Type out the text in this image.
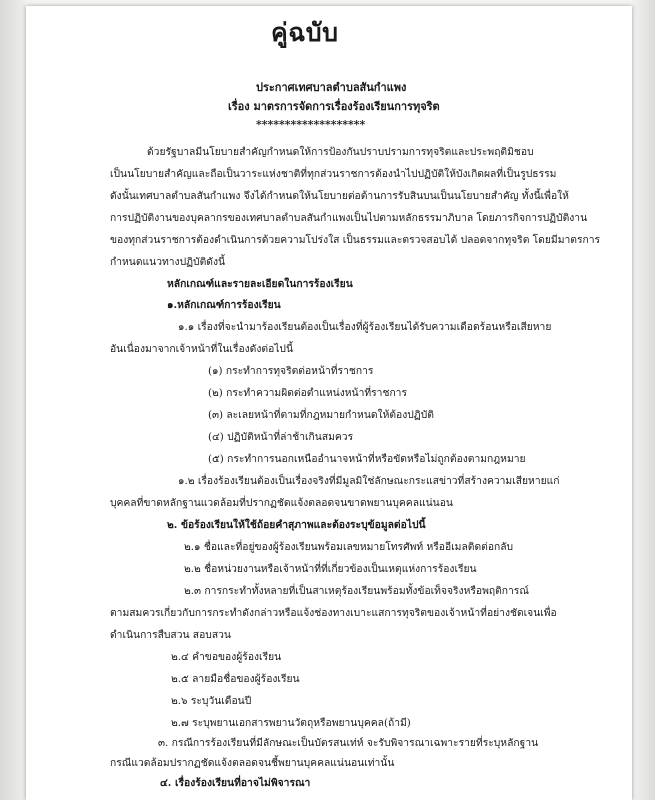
คู่ฉบับ
ประกาศเทศบาลตำบลสันกำแพง
เรื่อง มาตรการจัดการเรื่องร้องเรียนการทุจริต
*******************
ด้วยรัฐบาลมีนโยบายสำคัญกำหนดให้การป้องกันปราบปรามการทุจริตและประพฤติมิชอบ
เป็นนโยบายสำคัญและถือเป็นวาระแห่งชาติที่ทุกส่วนราชการต้องนำไปปฏิบัติให้บังเกิดผลที่เป็นรูปธรรม
ดังนั้นเทศบาลตำบลสันกำแพง จึงได้กำหนดให้นโยบายต่อต้านการรับสินบนเป็นนโยบายสำคัญ ทั้งนี้เพื่อให้
การปฏิบัติงานของบุคลากรของเทศบาลตำบลสันกำแพงเป็นไปตามหลักธรรมาภิบาล โดยภารกิจการปฏิบัติงาน
ของทุกส่วนราชการต้องดำเนินการด้วยความโปร่งใส เป็นธรรมและตรวจสอบได้ ปลอดจากทุจริต โดยมีมาตรการ
กำหนดแนวทางปฏิบัติดังนี้
หลักเกณฑ์และรายละเอียดในการร้องเรียน
๑.หลักเกณฑ์การร้องเรียน
๑.๑ เรื่องที่จะนำมาร้องเรียนต้องเป็นเรื่องที่ผู้ร้องเรียนได้รับความเดือดร้อนหรือเสียหาย
อันเนื่องมาจากเจ้าหน้าที่ในเรื่องดังต่อไปนี้
(๑) กระทำการทุจริตต่อหน้าที่ราชการ
(๒) กระทำความผิดต่อตำแหน่งหน้าที่ราชการ
(๓) ละเลยหน้าที่ตามที่กฎหมายกำหนดให้ต้องปฏิบัติ
(๔) ปฏิบัติหน้าที่ล่าช้าเกินสมควร
(๕) กระทำการนอกเหนืออำนาจหน้าที่หรือขัดหรือไม่ถูกต้องตามกฎหมาย
๑.๒ เรื่องร้องเรียนต้องเป็นเรื่องจริงที่มีมูลมิใช่ลักษณะกระแสข่าวที่สร้างความเสียหายแก่
บุคคลที่ขาดหลักฐานแวดล้อมที่ปรากฏชัดแจ้งตลอดจนขาดพยานบุคคลแน่นอน
๒. ข้อร้องเรียนให้ใช้ถ้อยคำสุภาพและต้องระบุข้อมูลต่อไปนี้
๒.๑ ชื่อและที่อยู่ของผู้ร้องเรียนพร้อมเลขหมายโทรศัพท์ หรืออีเมลติดต่อกลับ
๒.๒ ชื่อหน่วยงานหรือเจ้าหน้าที่ที่เกี่ยวข้องเป็นเหตุแห่งการร้องเรียน
๒.๓ การกระทำทั้งหลายที่เป็นสาเหตุร้องเรียนพร้อมทั้งข้อเท็จจริงหรือพฤติการณ์
ตามสมควรเกี่ยวกับการกระทำดังกล่าวหรือแจ้งช่องทางเบาะแสการทุจริตของเจ้าหน้าที่อย่างชัดเจนเพื่อ
ดำเนินการสืบสวน สอบสวน
๒.๔ คำขอของผู้ร้องเรียน
๒.๕ ลายมือชื่อของผู้ร้องเรียน
๒.๖ ระบุวันเดือนปี
๒.๗ ระบุพยานเอกสารพยานวัตถุหรือพยานบุคคล(ถ้ามี)
๓. กรณีการร้องเรียนที่มีลักษณะเป็นบัตรสนเท่ห์ จะรับพิจารณาเฉพาะรายที่ระบุหลักฐาน
กรณีแวดล้อมปรากฏชัดแจ้งตลอดจนชี้พยานบุคคลแน่นอนเท่านั้น
๔. เรื่องร้องเรียนที่อาจไม่พิจารณา
